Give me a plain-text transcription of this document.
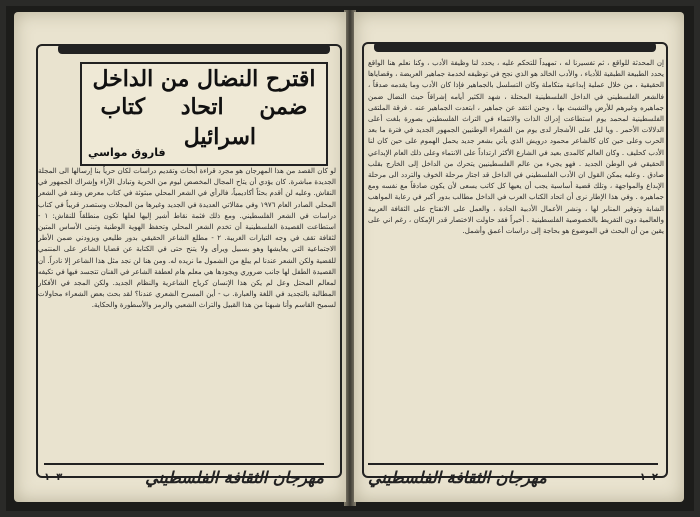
اقترح النضال من الداخل
ضمن اتحاد كتاب
اسرائيل
فاروق مواسي
لو كان القصد من هذا المهرجان هو مجرد قراءة أبحاث وتقديم دراسات لكان حرياً بنا إرسالها الى المجلة الجديدة مباشرة. كان يؤدي أن يتاح المجال المخصص ليوم من الحرية وتبادل الآراء وإشراك الجمهور في النقاش. وعليه لن أقدم بحثاً أكاديمياً، فالرأي في الشعر المحلي مبثوثة في كتاب معرض ونقد في الشعر المحلي الصادر العام ١٩٧٦ وفي مقالاتي العديدة في الجديد وغيرها من المجلات وستصدر قريباً في كتاب دراسات في الشعر الفلسطيني. ومع ذلك فثمة نقاط أشير إليها لعلها تكون منطلقاً للنقاش: ١ - استطاعت القصيدة الفلسطينية أن تخدم الشعر المحلي وتحفظ الهوية الوطنية وتبنى الأساس المتين لثقافة تقف في وجه التيارات الغريبة. ٢ - مطلع الشاعر الحقيقي بدور طليعي ويزودني ضمن الأطر الاجتماعية التي يعايشها وهو بسبيل ويرأى ولا يتنح حتى في الكتابة عن قضايا الشاعر على المنتمي للقضية ولكن الشعر عندنا لم يبلغ من الشمول ما نريده له. ومن هنا لن نجد مثل هذا الشاعر إلا نادراً. أن القصيدة الطفل لها جانب ضروري ويجودها هي معلم هام لعطفة الشاعر في الفنان تتجسد فيها في تكيفه لمعالم المحتل وعل لم يكن هذا الإنسان كرياح الشاعرية والنظام الجديد. ولكن المجد في الأفكار المطالبة بالتجديد في اللغة والعبارة. ب - أين المسرح الشعري عندنا؟ لقد بحث بعض الشعراء محاولات لسميح القاسم وأنا شبهنا من هذا القبيل والتراث الشعبي والرمز والأسطورة والحكاية.
١٠٣	مهرجان الثقافة الفلسطيني
إن المحدثة للواقع ، ثم تفسيرنا له ، تمهيداً للتحكم عليه ، يحدد لنا وظيفة الأدب ، وكنا نعلم هنا الواقع يحدد الطبيعة الطبقية للأدباء ، والأدب الخالد هو الذي نجح في توظيفه لخدمة جماهير العريضة ، وقضاياها الحقيقية ، من خلال عملية إبداعية متكاملة وكان التسلسل بالجماهير فإذا كان الأدب وما يقدمه صدقاً ، فالشعر الفلسطيني في الداخل الفلسطينية المحتلة ، شهد الكثير أيامه إشراقاً حيث النضال ضمن جماهيره وغيرهم للأرض والتشبث بها ، وحين انتقد عن جماهير ، ابتعدت الجماهير عنه . فرقة الملتقى الفلسطينية لمحمد يوم استطاعت إدراك الذات والانتماء في التراث الفلسطيني بصورة بلغت أعلى الدلالات الأحمر . ويا ليل على الأشجار لدى يوم من الشعراء الوطنيين الجمهور الجديد في فترة ما بعد الحرب وعلى حين كان كالشاعر محمود درويش الذي يأتي بشعر جديد يحمل الهموم على حين كان لنا الأدب كحليف . وكان العالم كالمدى بعيد في الشارع الأكثر ارتداداً على الانتماء وعلى ذلك العام الإبداعي الحقيقي في الوطن الجديد . فهو يجيء من عالم الفلسطينيين يتحرك من الداخل إلى الخارج بقلب صادق . وعليه يمكن القول ان الأدب الفلسطيني في الداخل قد اجتاز مرحلة الخوف والتردد الى مرحلة الإبداع والمواجهة ، وتلك قضية أساسية يجب أن يعيها كل كاتب يسعى لأن يكون صادقاً مع نفسه ومع جماهيره . وفي هذا الإطار نرى أن اتحاد الكتاب العرب في الداخل مطالب بدور أكبر في رعاية المواهب الشابة وتوفير المنابر لها ، ونشر الأعمال الأدبية الجادة ، والعمل على الانفتاح على الثقافة العربية والعالمية دون التفريط بالخصوصية الفلسطينية . أخيراً فقد حاولت الاختصار قدر الإمكان ، رغم اني على يقين من أن البحث في الموضوع هو بحاجة إلى دراسات أعمق وأشمل.
مهرجان الثقافة الفلسطيني	١٠٢
